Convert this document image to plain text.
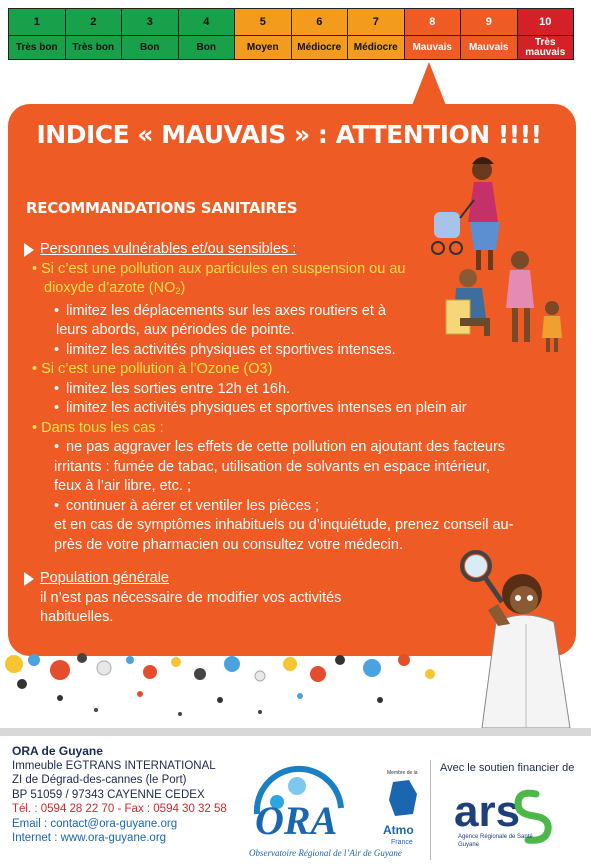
1
Très bon
2
Très bon
3
Bon
4
Bon
5
Moyen
6
Médiocre
7
Médiocre
8
Mauvais
9
Mauvais
10
Très mauvais
INDICE « MAUVAIS » : ATTENTION !!!!
RECOMMANDATIONS SANITAIRES
Personnes vulnérables et/ou sensibles :
• Si c’est une pollution aux particules en suspension ou au
dioxyde d’azote $(NO_2)$
• limitez les déplacements sur les axes routiers et à
leurs abords, aux périodes de pointe.
• limitez les activités physiques et sportives intenses.
• Si c’est une pollution à l’Ozone (O3)
• limitez les sorties entre 12h et 16h.
• limitez les activités physiques et sportives intenses en plein air
• Dans tous les cas :
• ne pas aggraver les effets de cette pollution en ajoutant des facteurs
irritants : fumée de tabac, utilisation de solvants en espace intérieur,
feux à l’air libre, etc. ;
• continuer à aérer et ventiler les pièces ;
et en cas de symptômes inhabituels ou d’inquiétude, prenez conseil au-
près de votre pharmacien ou consultez votre médecin.
Population générale
il n’est pas nécessaire de modifier vos activités
habituelles.
ORA de Guyane
Immeuble EGTRANS INTERNATIONAL
ZI de Dégrad-des-cannes (le Port)
BP 51059 / 97343 CAYENNE CEDEX
Tél. : 0594 28 22 70 - Fax : 0594 30 32 58
Email : contact@ora-guyane.org
Internet : www.ora-guyane.org	ORA
Observatoire Régional de l’Air de Guyane
Membre de la
Atmo
France
Avec le soutien financier de
ars
Agence Régionale de Santé
Guyane
